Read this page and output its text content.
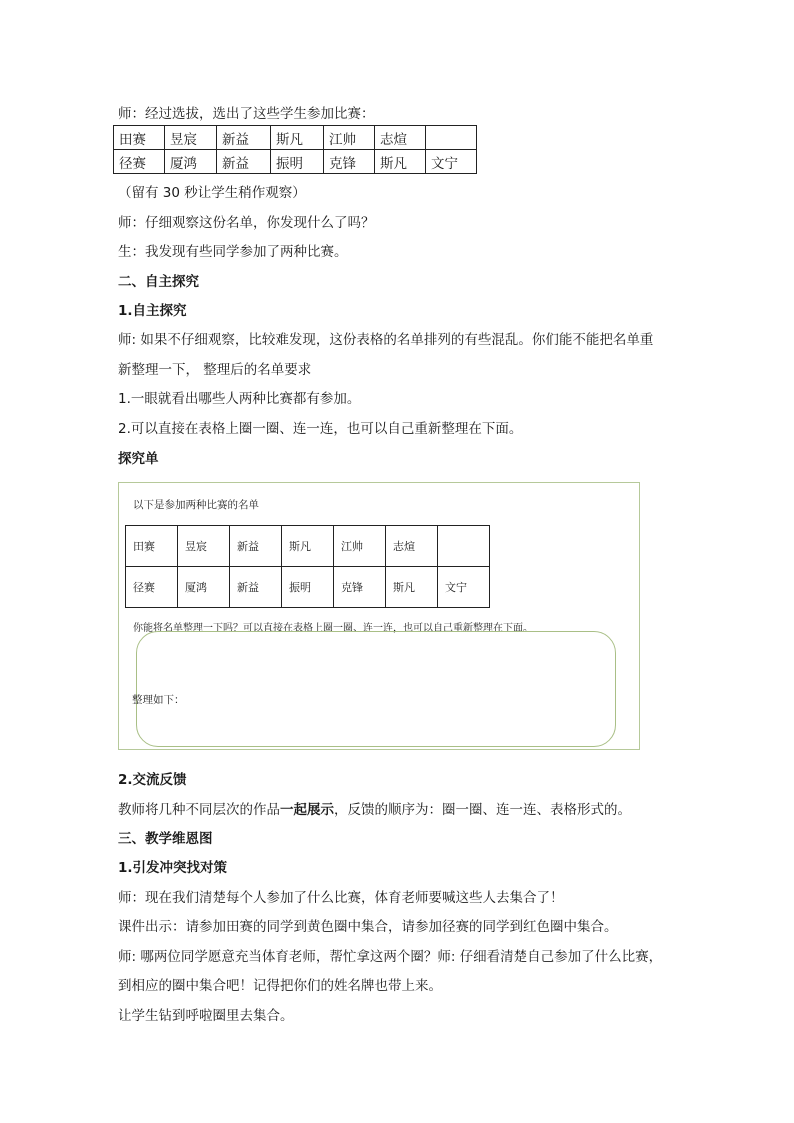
师：经过选拔，选出了这些学生参加比赛：
田赛	昱宸	新益	斯凡	江帅	志煊	
径赛	厦鸿	新益	振明	克锋	斯凡	文宁
（留有 30 秒让学生稍作观察）
师：仔细观察这份名单，你发现什么了吗？
生：我发现有些同学参加了两种比赛。
二、自主探究
1.自主探究
师: 如果不仔细观察，比较难发现，这份表格的名单排列的有些混乱。你们能不能把名单重
新整理一下， 整理后的名单要求
1.一眼就看出哪些人两种比赛都有参加。
2.可以直接在表格上圈一圈、连一连，也可以自己重新整理在下面。
探究单
以下是参加两种比赛的名单
田赛	昱宸	新益	斯凡	江帅	志煊	
径赛	厦鸿	新益	振明	克锋	斯凡	文宁
你能将名单整理一下吗？可以直接在表格上圈一圈、连一连，也可以自己重新整理在下面。
整理如下：
2.交流反馈
教师将几种不同层次的作品一起展示，反馈的顺序为：圈一圈、连一连、表格形式的。
三、教学维恩图
1.引发冲突找对策
师：现在我们清楚每个人参加了什么比赛，体育老师要喊这些人去集合了！
课件出示：请参加田赛的同学到黄色圈中集合，请参加径赛的同学到红色圈中集合。
师: 哪两位同学愿意充当体育老师，帮忙拿这两个圈？师: 仔细看清楚自己参加了什么比赛，
到相应的圈中集合吧！记得把你们的姓名牌也带上来。
让学生钻到呼啦圈里去集合。
